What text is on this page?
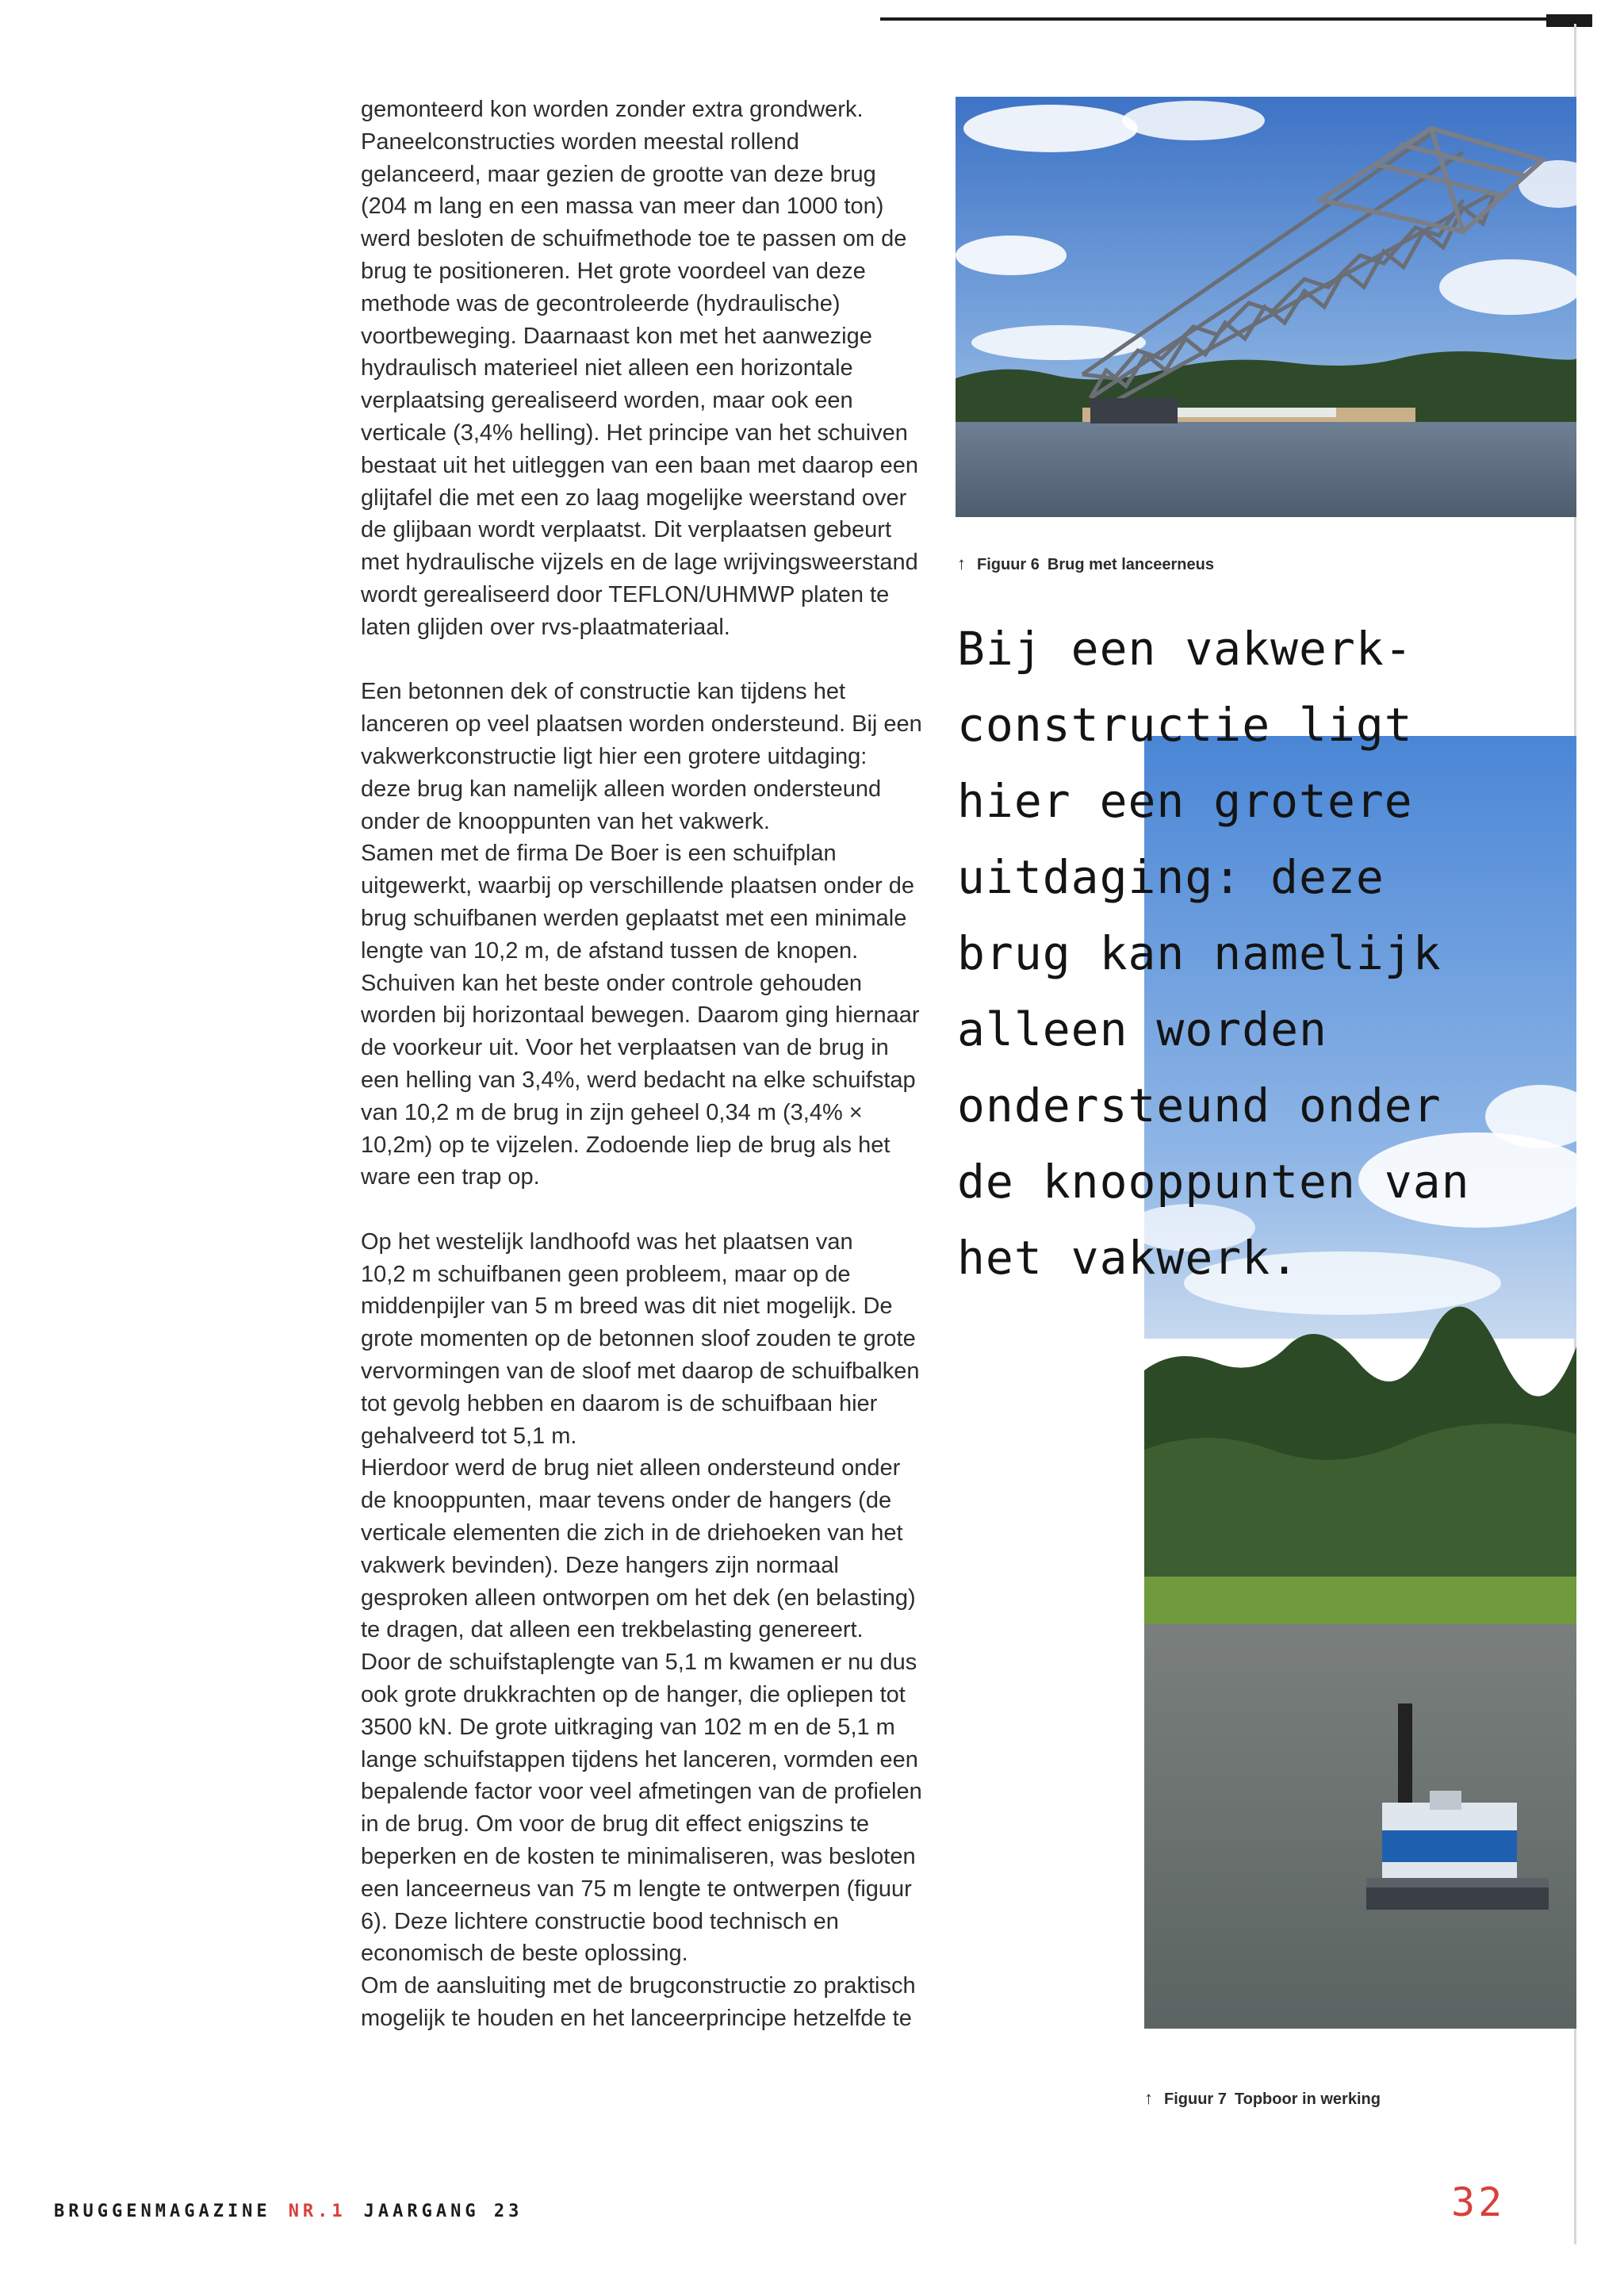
gemonteerd kon worden zonder extra grondwerk.
Paneelconstructies worden meestal rollend
gelanceerd, maar gezien de grootte van deze brug
(204 m lang en een massa van meer dan 1000 ton)
werd besloten de schuifmethode toe te passen om de
brug te positioneren. Het grote voordeel van deze
methode was de gecontroleerde (hydraulische)
voortbeweging. Daarnaast kon met het aanwezige
hydraulisch materieel niet alleen een horizontale
verplaatsing gerealiseerd worden, maar ook een
verticale (3,4% helling). Het principe van het schuiven
bestaat uit het uitleggen van een baan met daarop een
glijtafel die met een zo laag mogelijke weerstand over
de glijbaan wordt verplaatst. Dit verplaatsen gebeurt
met hydraulische vijzels en de lage wrijvingsweerstand
wordt gerealiseerd door TEFLON/UHMWP platen te
laten glijden over rvs-plaatmateriaal.

Een betonnen dek of constructie kan tijdens het
lanceren op veel plaatsen worden ondersteund. Bij een
vakwerkconstructie ligt hier een grotere uitdaging:
deze brug kan namelijk alleen worden ondersteund
onder de knooppunten van het vakwerk.

Samen met de firma De Boer is een schuifplan
uitgewerkt, waarbij op verschillende plaatsen onder de
brug schuifbanen werden geplaatst met een minimale
lengte van 10,2 m, de afstand tussen de knopen.
Schuiven kan het beste onder controle gehouden
worden bij horizontaal bewegen. Daarom ging hiernaar
de voorkeur uit. Voor het verplaatsen van de brug in
een helling van 3,4%, werd bedacht na elke schuifstap
van 10,2 m de brug in zijn geheel 0,34 m (3,4% ×
10,2m) op te vijzelen. Zodoende liep de brug als het
ware een trap op.

Op het westelijk landhoofd was het plaatsen van
10,2 m schuifbanen geen probleem, maar op de
middenpijler van 5 m breed was dit niet mogelijk. De
grote momenten op de betonnen sloof zouden te grote
vervormingen van de sloof met daarop de schuifbalken
tot gevolg hebben en daarom is de schuifbaan hier
gehalveerd tot 5,1 m.

Hierdoor werd de brug niet alleen ondersteund onder
de knooppunten, maar tevens onder de hangers (de
verticale elementen die zich in de driehoeken van het
vakwerk bevinden). Deze hangers zijn normaal
gesproken alleen ontworpen om het dek (en belasting)
te dragen, dat alleen een trekbelasting genereert.

Door de schuifstaplengte van 5,1 m kwamen er nu dus
ook grote drukkrachten op de hanger, die opliepen tot
3500 kN. De grote uitkraging van 102 m en de 5,1 m
lange schuifstappen tijdens het lanceren, vormden een
bepalende factor voor veel afmetingen van de profielen
in de brug. Om voor de brug dit effect enigszins te
beperken en de kosten te minimaliseren, was besloten
een lanceerneus van 75 m lengte te ontwerpen (figuur
6). Deze lichtere constructie bood technisch en
economisch de beste oplossing.

Om de aansluiting met de brugconstructie zo praktisch
mogelijk te houden en het lanceerprincipe hetzelfde te

↑ Figuur 6 Brug met lanceerneus
↑ Figuur 7 Topboor in werking
Bij een vakwerk-
constructie ligt
hier een grotere
uitdaging: deze
brug kan namelijk
alleen worden
ondersteund onder
de knooppunten van
het vakwerk.
BRUGGENMAGAZINE NR.1 JAARGANG 23	32
